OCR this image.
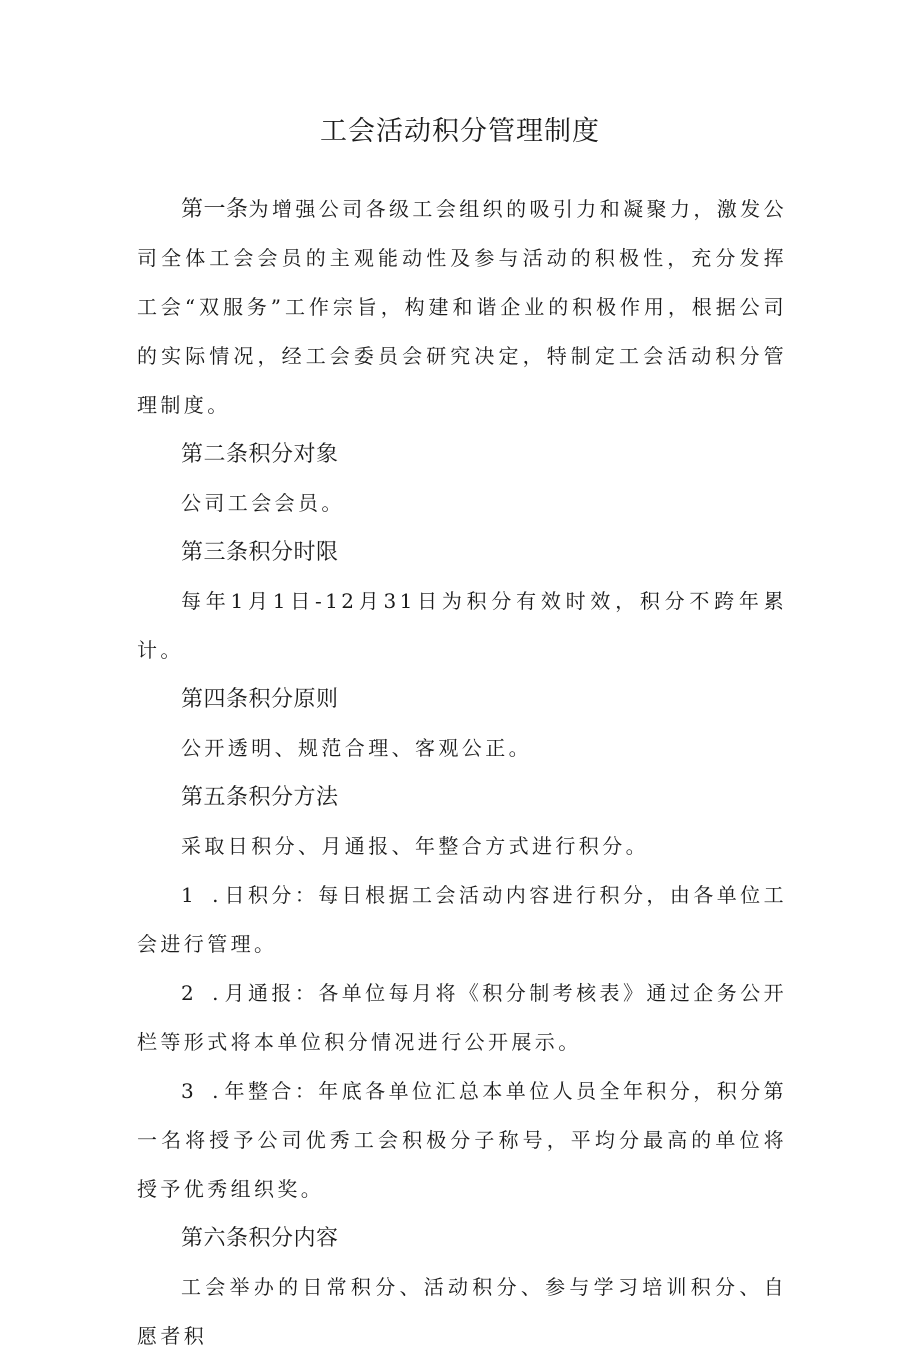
工会活动积分管理制度

第一条为增强公司各级工会组织的吸引力和凝聚力，激发公司全体工会会员的主观能动性及参与活动的积极性，充分发挥工会“双服务”工作宗旨，构建和谐企业的积极作用，根据公司的实际情况，经工会委员会研究决定，特制定工会活动积分管理制度。

第二条积分对象

公司工会会员。

第三条积分时限

每年1月1日-12月31日为积分有效时效，积分不跨年累计。

第四条积分原则

公开透明、规范合理、客观公正。

第五条积分方法

采取日积分、月通报、年整合方式进行积分。

1 .日积分：每日根据工会活动内容进行积分，由各单位工会进行管理。

2 .月通报：各单位每月将《积分制考核表》通过企务公开栏等形式将本单位积分情况进行公开展示。

3 .年整合：年底各单位汇总本单位人员全年积分，积分第一名将授予公司优秀工会积极分子称号，平均分最高的单位将授予优秀组织奖。

第六条积分内容

工会举办的日常积分、活动积分、参与学习培训积分、自愿者积
